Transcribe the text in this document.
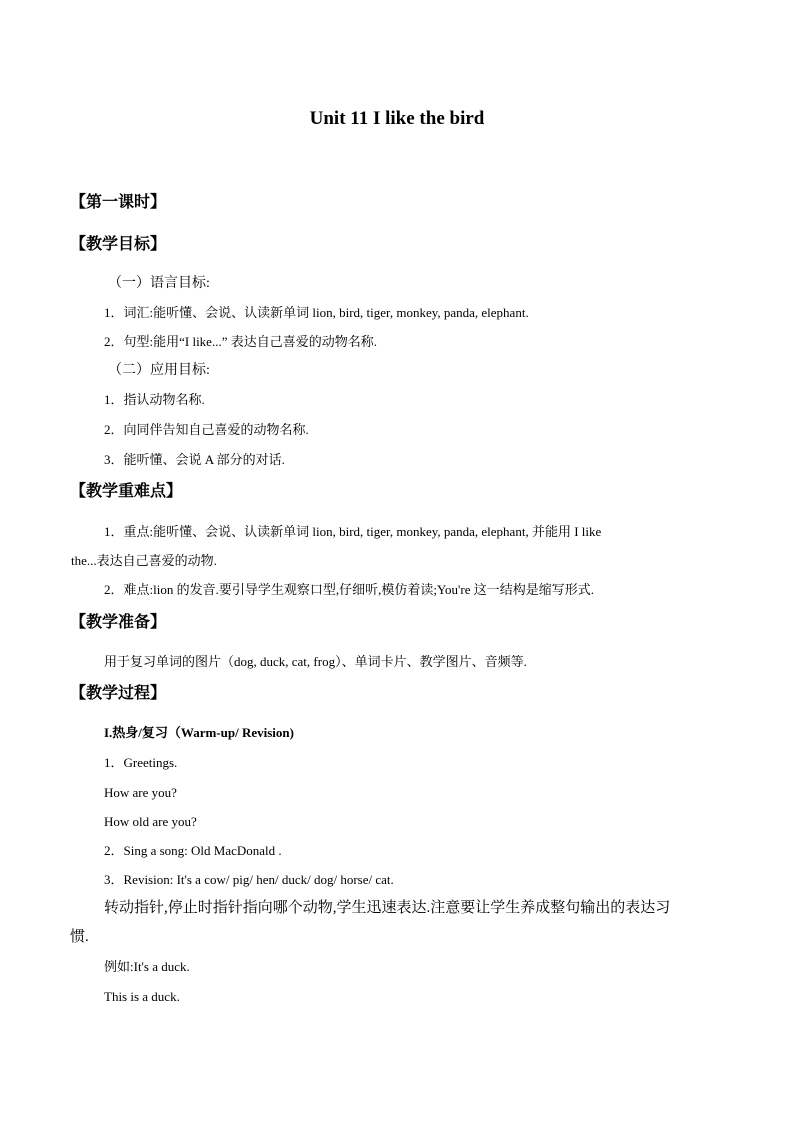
Unit 11 I like the bird
【第一课时】
【教学目标】
（一）语言目标:
1．词汇:能听懂、会说、认读新单词 lion, bird, tiger, monkey, panda, elephant.
2．句型:能用“I like...” 表达自己喜爱的动物名称.
（二）应用目标:
1．指认动物名称.
2．向同伴告知自己喜爱的动物名称.
3．能听懂、会说 A 部分的对话.
【教学重难点】
1．重点:能听懂、会说、认读新单词 lion, bird, tiger, monkey, panda, elephant, 并能用 I like
the...表达自己喜爱的动物.
2．难点:lion 的发音.要引导学生观察口型,仔细听,模仿着读;You're 这一结构是缩写形式.
【教学准备】
用于复习单词的图片（dog, duck, cat, frog）、单词卡片、教学图片、音频等.
【教学过程】
I.热身/复习（Warm-up/ Revision)
1．Greetings.
How are you?
How old are you?
2．Sing a song: Old MacDonald .
3．Revision: It's a cow/ pig/ hen/ duck/ dog/ horse/ cat.
转动指针,停止时指针指向哪个动物,学生迅速表达.注意要让学生养成整句输出的表达习
惯.
例如:It's a duck.
This is a duck.
